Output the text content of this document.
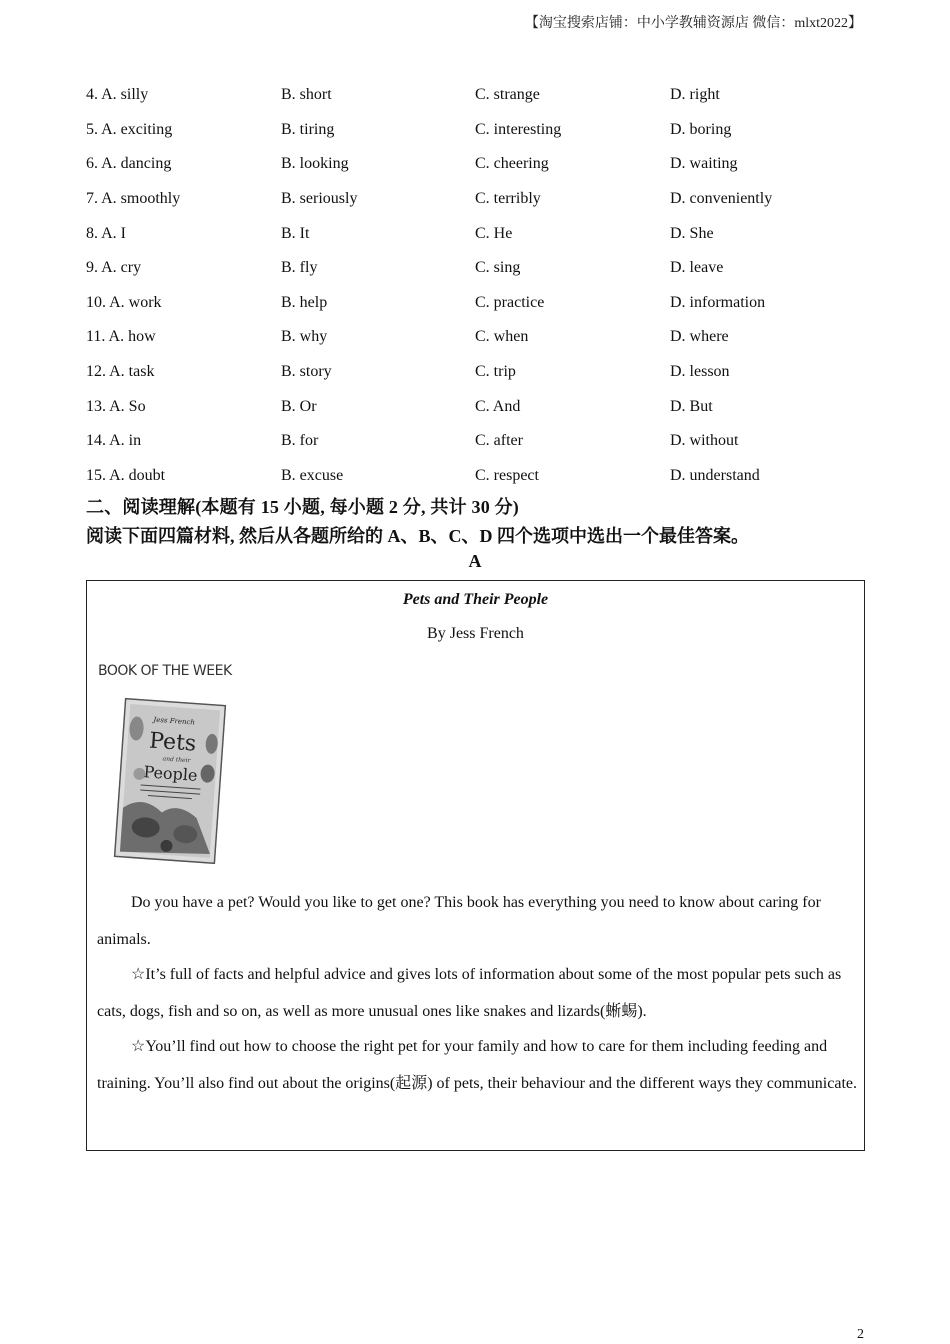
【淘宝搜索店铺：中小学教辅资源店 微信：mlxt2022】
4. A. silly	B. short	C. strange	D. right
5. A. exciting	B. tiring	C. interesting	D. boring
6. A. dancing	B. looking	C. cheering	D. waiting
7. A. smoothly	B. seriously	C. terribly	D. conveniently
8. A. I	B. It	C. He	D. She
9. A. cry	B. fly	C. sing	D. leave
10. A. work	B. help	C. practice	D. information
11. A. how	B. why	C. when	D. where
12. A. task	B. story	C. trip	D. lesson
13. A. So	B. Or	C. And	D. But
14. A. in	B. for	C. after	D. without
15. A. doubt	B. excuse	C. respect	D. understand
二、阅读理解(本题有 15 小题, 每小题 2 分, 共计 30 分)
阅读下面四篇材料, 然后从各题所给的 A、B、C、D 四个选项中选出一个最佳答案。
A
Pets and Their People
By Jess French
BOOK OF THE WEEK
Jess French
Pets
and their
People

Do you have a pet? Would you like to get one? This book has everything you need to know about caring for animals.

☆It’s full of facts and helpful advice and gives lots of information about some of the most popular pets such as cats, dogs, fish and so on, as well as more unusual ones like snakes and lizards(蜥蜴).

☆You’ll find out how to choose the right pet for your family and how to care for them including feeding and training. You’ll also find out about the origins(起源) of pets, their behaviour and the different ways they communicate.

2
